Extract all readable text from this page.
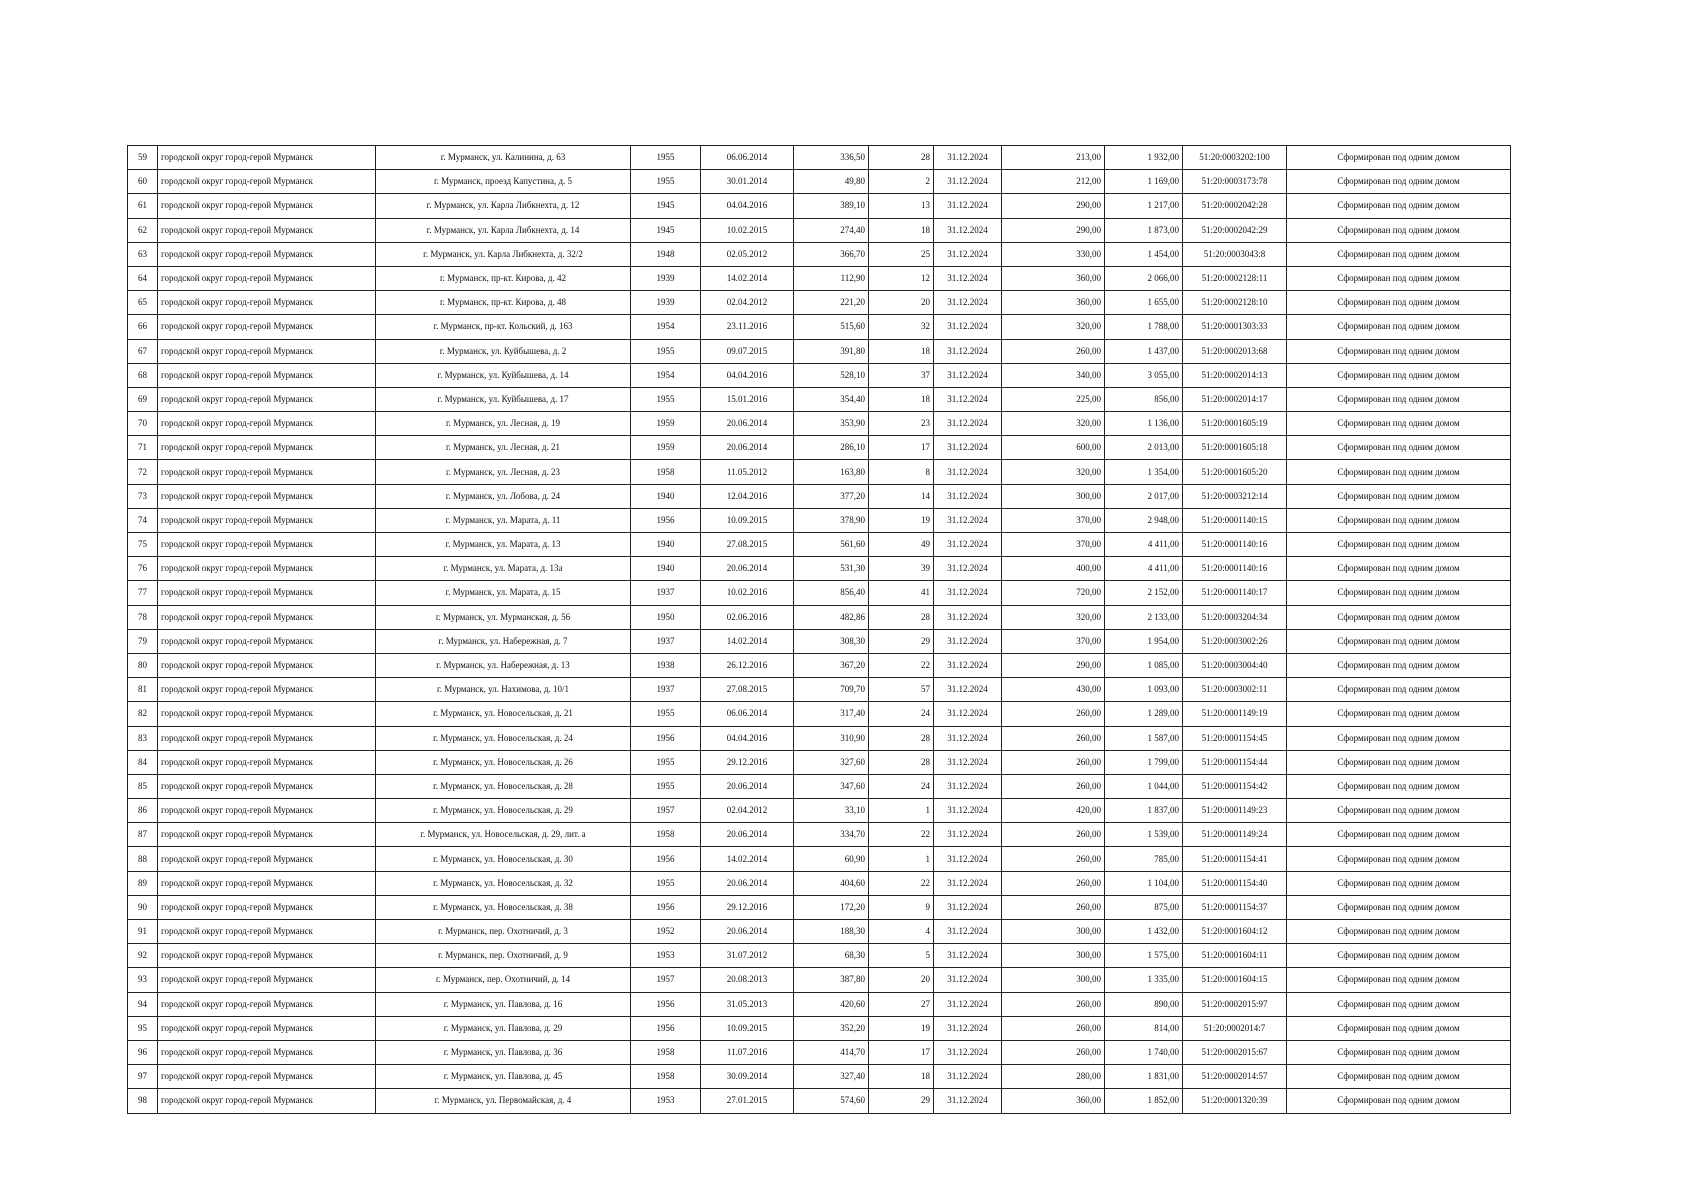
59	городской округ город-герой Мурманск	г. Мурманск, ул. Калинина, д. 63	1955	06.06.2014	336,50	28	31.12.2024	213,00	1 932,00	51:20:0003202:100	Сформирован под одним домом
60	городской округ город-герой Мурманск	г. Мурманск, проезд Капустина, д. 5	1955	30.01.2014	49,80	2	31.12.2024	212,00	1 169,00	51:20:0003173:78	Сформирован под одним домом
61	городской округ город-герой Мурманск	г. Мурманск, ул. Карла Либкнехта, д. 12	1945	04.04.2016	389,10	13	31.12.2024	290,00	1 217,00	51:20:0002042:28	Сформирован под одним домом
62	городской округ город-герой Мурманск	г. Мурманск, ул. Карла Либкнехта, д. 14	1945	10.02.2015	274,40	18	31.12.2024	290,00	1 873,00	51:20:0002042:29	Сформирован под одним домом
63	городской округ город-герой Мурманск	г. Мурманск, ул. Карла Либкнехта, д. 32/2	1948	02.05.2012	366,70	25	31.12.2024	330,00	1 454,00	51:20:0003043:8	Сформирован под одним домом
64	городской округ город-герой Мурманск	г. Мурманск, пр-кт. Кирова, д. 42	1939	14.02.2014	112,90	12	31.12.2024	360,00	2 066,00	51:20:0002128:11	Сформирован под одним домом
65	городской округ город-герой Мурманск	г. Мурманск, пр-кт. Кирова, д. 48	1939	02.04.2012	221,20	20	31.12.2024	360,00	1 655,00	51:20:0002128:10	Сформирован под одним домом
66	городской округ город-герой Мурманск	г. Мурманск, пр-кт. Кольский, д. 163	1954	23.11.2016	515,60	32	31.12.2024	320,00	1 788,00	51:20:0001303:33	Сформирован под одним домом
67	городской округ город-герой Мурманск	г. Мурманск, ул. Куйбышева, д. 2	1955	09.07.2015	391,80	18	31.12.2024	260,00	1 437,00	51:20:0002013:68	Сформирован под одним домом
68	городской округ город-герой Мурманск	г. Мурманск, ул. Куйбышева, д. 14	1954	04.04.2016	528,10	37	31.12.2024	340,00	3 055,00	51:20:0002014:13	Сформирован под одним домом
69	городской округ город-герой Мурманск	г. Мурманск, ул. Куйбышева, д. 17	1955	15.01.2016	354,40	18	31.12.2024	225,00	856,00	51:20:0002014:17	Сформирован под одним домом
70	городской округ город-герой Мурманск	г. Мурманск, ул. Лесная, д. 19	1959	20.06.2014	353,90	23	31.12.2024	320,00	1 136,00	51:20:0001605:19	Сформирован под одним домом
71	городской округ город-герой Мурманск	г. Мурманск, ул. Лесная, д. 21	1959	20.06.2014	286,10	17	31.12.2024	600,00	2 013,00	51:20:0001605:18	Сформирован под одним домом
72	городской округ город-герой Мурманск	г. Мурманск, ул. Лесная, д. 23	1958	11.05.2012	163,80	8	31.12.2024	320,00	1 354,00	51:20:0001605:20	Сформирован под одним домом
73	городской округ город-герой Мурманск	г. Мурманск, ул. Лобова, д. 24	1940	12.04.2016	377,20	14	31.12.2024	300,00	2 017,00	51:20:0003212:14	Сформирован под одним домом
74	городской округ город-герой Мурманск	г. Мурманск, ул. Марата, д. 11	1956	10.09.2015	378,90	19	31.12.2024	370,00	2 948,00	51:20:0001140:15	Сформирован под одним домом
75	городской округ город-герой Мурманск	г. Мурманск, ул. Марата, д. 13	1940	27.08.2015	561,60	49	31.12.2024	370,00	4 411,00	51:20:0001140:16	Сформирован под одним домом
76	городской округ город-герой Мурманск	г. Мурманск, ул. Марата, д. 13а	1940	20.06.2014	531,30	39	31.12.2024	400,00	4 411,00	51:20:0001140:16	Сформирован под одним домом
77	городской округ город-герой Мурманск	г. Мурманск, ул. Марата, д. 15	1937	10.02.2016	856,40	41	31.12.2024	720,00	2 152,00	51:20:0001140:17	Сформирован под одним домом
78	городской округ город-герой Мурманск	г. Мурманск, ул. Мурманская, д. 56	1950	02.06.2016	482,86	28	31.12.2024	320,00	2 133,00	51:20:0003204:34	Сформирован под одним домом
79	городской округ город-герой Мурманск	г. Мурманск, ул. Набережная, д. 7	1937	14.02.2014	308,30	29	31.12.2024	370,00	1 954,00	51:20:0003002:26	Сформирован под одним домом
80	городской округ город-герой Мурманск	г. Мурманск, ул. Набережная, д. 13	1938	26.12.2016	367,20	22	31.12.2024	290,00	1 085,00	51:20:0003004:40	Сформирован под одним домом
81	городской округ город-герой Мурманск	г. Мурманск, ул. Нахимова, д. 10/1	1937	27.08.2015	709,70	57	31.12.2024	430,00	1 093,00	51:20:0003002:11	Сформирован под одним домом
82	городской округ город-герой Мурманск	г. Мурманск, ул. Новосельская, д. 21	1955	06.06.2014	317,40	24	31.12.2024	260,00	1 289,00	51:20:0001149:19	Сформирован под одним домом
83	городской округ город-герой Мурманск	г. Мурманск, ул. Новосельская, д. 24	1956	04.04.2016	310,90	28	31.12.2024	260,00	1 587,00	51:20:0001154:45	Сформирован под одним домом
84	городской округ город-герой Мурманск	г. Мурманск, ул. Новосельская, д. 26	1955	29.12.2016	327,60	28	31.12.2024	260,00	1 799,00	51:20:0001154:44	Сформирован под одним домом
85	городской округ город-герой Мурманск	г. Мурманск, ул. Новосельская, д. 28	1955	20.06.2014	347,60	24	31.12.2024	260,00	1 044,00	51:20:0001154:42	Сформирован под одним домом
86	городской округ город-герой Мурманск	г. Мурманск, ул. Новосельская, д. 29	1957	02.04.2012	33,10	1	31.12.2024	420,00	1 837,00	51:20:0001149:23	Сформирован под одним домом
87	городской округ город-герой Мурманск	г. Мурманск, ул. Новосельская, д. 29, лит. а	1958	20.06.2014	334,70	22	31.12.2024	260,00	1 539,00	51:20:0001149:24	Сформирован под одним домом
88	городской округ город-герой Мурманск	г. Мурманск, ул. Новосельская, д. 30	1956	14.02.2014	60,90	1	31.12.2024	260,00	785,00	51:20:0001154:41	Сформирован под одним домом
89	городской округ город-герой Мурманск	г. Мурманск, ул. Новосельская, д. 32	1955	20.06.2014	404,60	22	31.12.2024	260,00	1 104,00	51:20:0001154:40	Сформирован под одним домом
90	городской округ город-герой Мурманск	г. Мурманск, ул. Новосельская, д. 38	1956	29.12.2016	172,20	9	31.12.2024	260,00	875,00	51:20:0001154:37	Сформирован под одним домом
91	городской округ город-герой Мурманск	г. Мурманск, пер. Охотничий, д. 3	1952	20.06.2014	188,30	4	31.12.2024	300,00	1 432,00	51:20:0001604:12	Сформирован под одним домом
92	городской округ город-герой Мурманск	г. Мурманск, пер. Охотничий, д. 9	1953	31.07.2012	68,30	5	31.12.2024	300,00	1 575,00	51:20:0001604:11	Сформирован под одним домом
93	городской округ город-герой Мурманск	г. Мурманск, пер. Охотничий, д. 14	1957	20.08.2013	387,80	20	31.12.2024	300,00	1 335,00	51:20:0001604:15	Сформирован под одним домом
94	городской округ город-герой Мурманск	г. Мурманск, ул. Павлова, д. 16	1956	31.05.2013	420,60	27	31.12.2024	260,00	890,00	51:20:0002015:97	Сформирован под одним домом
95	городской округ город-герой Мурманск	г. Мурманск, ул. Павлова, д. 29	1956	10.09.2015	352,20	19	31.12.2024	260,00	814,00	51:20:0002014:7	Сформирован под одним домом
96	городской округ город-герой Мурманск	г. Мурманск, ул. Павлова, д. 36	1958	11.07.2016	414,70	17	31.12.2024	260,00	1 740,00	51:20:0002015:67	Сформирован под одним домом
97	городской округ город-герой Мурманск	г. Мурманск, ул. Павлова, д. 45	1958	30.09.2014	327,40	18	31.12.2024	280,00	1 831,00	51:20:0002014:57	Сформирован под одним домом
98	городской округ город-герой Мурманск	г. Мурманск, ул. Первомайская, д. 4	1953	27.01.2015	574,60	29	31.12.2024	360,00	1 852,00	51:20:0001320:39	Сформирован под одним домом
